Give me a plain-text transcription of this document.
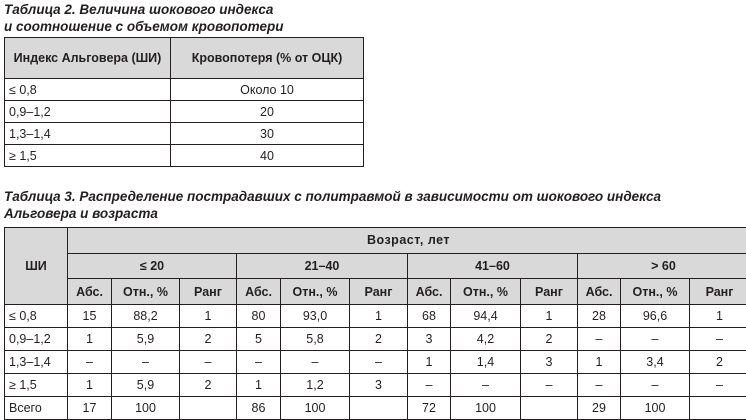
Таблица 2. Величина шокового индекса
и соотношение с объемом кровопотери

Индекс Альговера (ШИ)	Кровопотеря (% от ОЦК)
≤ 0,8	Около 10
0,9–1,2	20
1,3–1,4	30
≥ 1,5	40

Таблица 3. Распределение пострадавших с политравмой в зависимости от шокового индекса
Альговера и возраста

ШИ	Возраст, лет											
	≤ 20			21–40			41–60			> 60		
	Абс.	Отн., %	Ранг	Абс.	Отн., %	Ранг	Абс.	Отн., %	Ранг	Абс.	Отн., %	Ранг
≤ 0,8	15	88,2	1	80	93,0	1	68	94,4	1	28	96,6	1
0,9–1,2	1	5,9	2	5	5,8	2	3	4,2	2	–	–	–
1,3–1,4	–	–	–	–	–	–	1	1,4	3	1	3,4	2
≥ 1,5	1	5,9	2	1	1,2	3	–	–	–	–	–	–
Всего	17	100		86	100		72	100		29	100	
